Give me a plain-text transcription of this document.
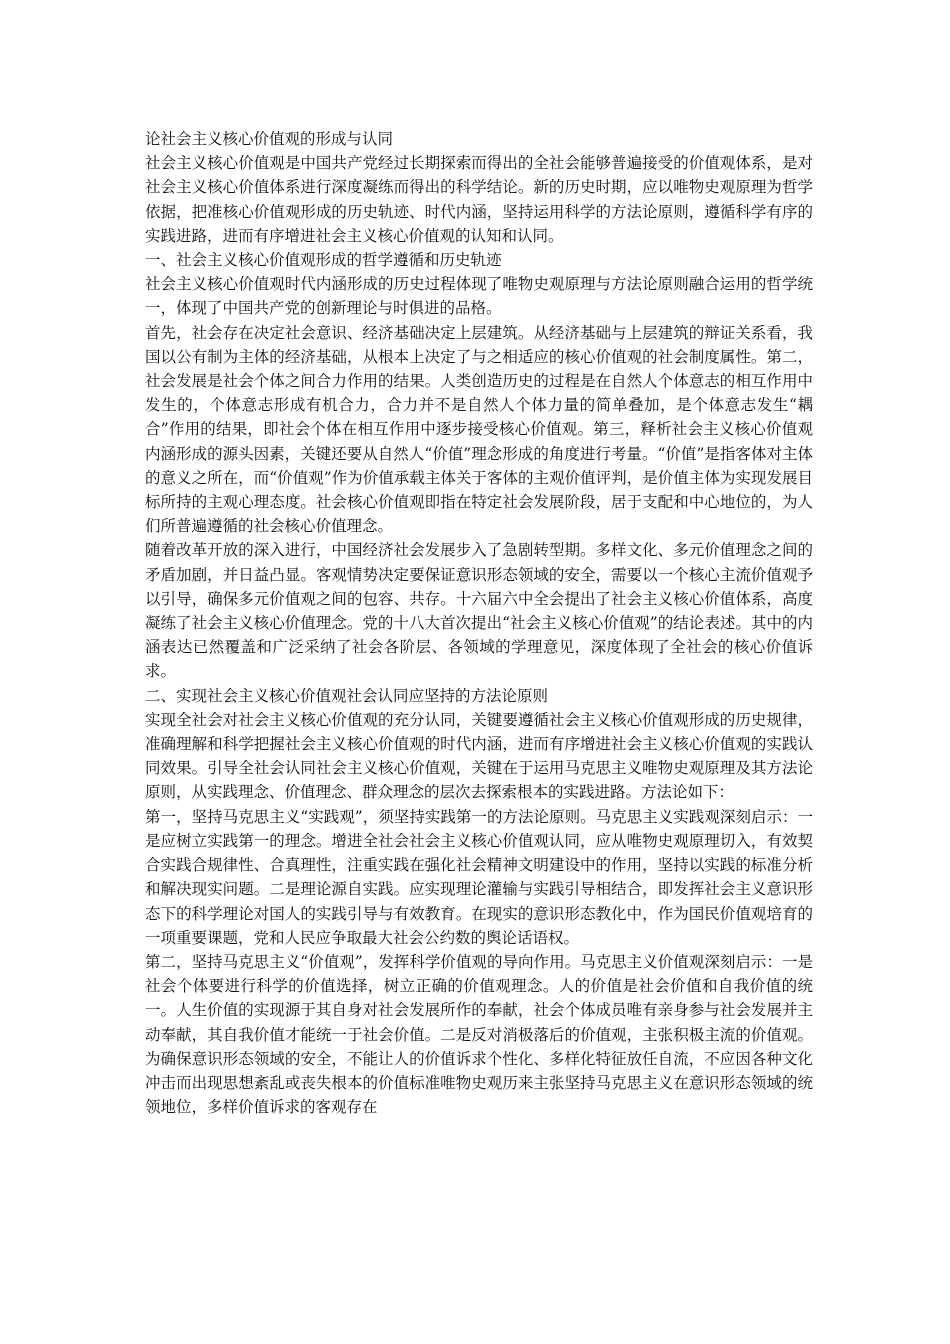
论社会主义核心价值观的形成与认同

社会主义核心价值观是中国共产党经过长期探索而得出的全社会能够普遍接受的价值观体系，是对社会主义核心价值体系进行深度凝练而得出的科学结论。新的历史时期，应以唯物史观原理为哲学依据，把准核心价值观形成的历史轨迹、时代内涵，坚持运用科学的方法论原则，遵循科学有序的实践进路，进而有序增进社会主义核心价值观的认知和认同。

一、社会主义核心价值观形成的哲学遵循和历史轨迹

社会主义核心价值观时代内涵形成的历史过程体现了唯物史观原理与方法论原则融合运用的哲学统一，体现了中国共产党的创新理论与时俱进的品格。

首先，社会存在决定社会意识、经济基础决定上层建筑。从经济基础与上层建筑的辩证关系看，我国以公有制为主体的经济基础，从根本上决定了与之相适应的核心价值观的社会制度属性。第二，社会发展是社会个体之间合力作用的结果。人类创造历史的过程是在自然人个体意志的相互作用中发生的，个体意志形成有机合力，合力并不是自然人个体力量的简单叠加，是个体意志发生“耦合”作用的结果，即社会个体在相互作用中逐步接受核心价值观。第三，释析社会主义核心价值观内涵形成的源头因素，关键还要从自然人“价值”理念形成的角度进行考量。“价值”是指客体对主体的意义之所在，而“价值观”作为价值承载主体关于客体的主观价值评判，是价值主体为实现发展目标所持的主观心理态度。社会核心价值观即指在特定社会发展阶段，居于支配和中心地位的，为人们所普遍遵循的社会核心价值理念。

随着改革开放的深入进行，中国经济社会发展步入了急剧转型期。多样文化、多元价值理念之间的矛盾加剧，并日益凸显。客观情势决定要保证意识形态领域的安全，需要以一个核心主流价值观予以引导，确保多元价值观之间的包容、共存。十六届六中全会提出了社会主义核心价值体系，高度凝练了社会主义核心价值理念。党的十八大首次提出“社会主义核心价值观”的结论表述。其中的内涵表达已然覆盖和广泛采纳了社会各阶层、各领域的学理意见，深度体现了全社会的核心价值诉求。

二、实现社会主义核心价值观社会认同应坚持的方法论原则

实现全社会对社会主义核心价值观的充分认同，关键要遵循社会主义核心价值观形成的历史规律，准确理解和科学把握社会主义核心价值观的时代内涵，进而有序增进社会主义核心价值观的实践认同效果。引导全社会认同社会主义核心价值观，关键在于运用马克思主义唯物史观原理及其方法论原则，从实践理念、价值理念、群众理念的层次去探索根本的实践进路。方法论如下：

第一，坚持马克思主义“实践观”，须坚持实践第一的方法论原则。马克思主义实践观深刻启示：一是应树立实践第一的理念。增进全社会社会主义核心价值观认同，应从唯物史观原理切入，有效契合实践合规律性、合真理性，注重实践在强化社会精神文明建设中的作用，坚持以实践的标准分析和解决现实问题。二是理论源自实践。应实现理论灌输与实践引导相结合，即发挥社会主义意识形态下的科学理论对国人的实践引导与有效教育。在现实的意识形态教化中，作为国民价值观培育的一项重要课题，党和人民应争取最大社会公约数的舆论话语权。

第二，坚持马克思主义“价值观”，发挥科学价值观的导向作用。马克思主义价值观深刻启示：一是社会个体要进行科学的价值选择，树立正确的价值观理念。人的价值是社会价值和自我价值的统一。人生价值的实现源于其自身对社会发展所作的奉献，社会个体成员唯有亲身参与社会发展并主动奉献，其自我价值才能统一于社会价值。二是反对消极落后的价值观，主张积极主流的价值观。为确保意识形态领域的安全，不能让人的价值诉求个性化、多样化特征放任自流，不应因各种文化冲击而出现思想紊乱或丧失根本的价值标准唯物史观历来主张坚持马克思主义在意识形态领域的统领地位，多样价值诉求的客观存在
